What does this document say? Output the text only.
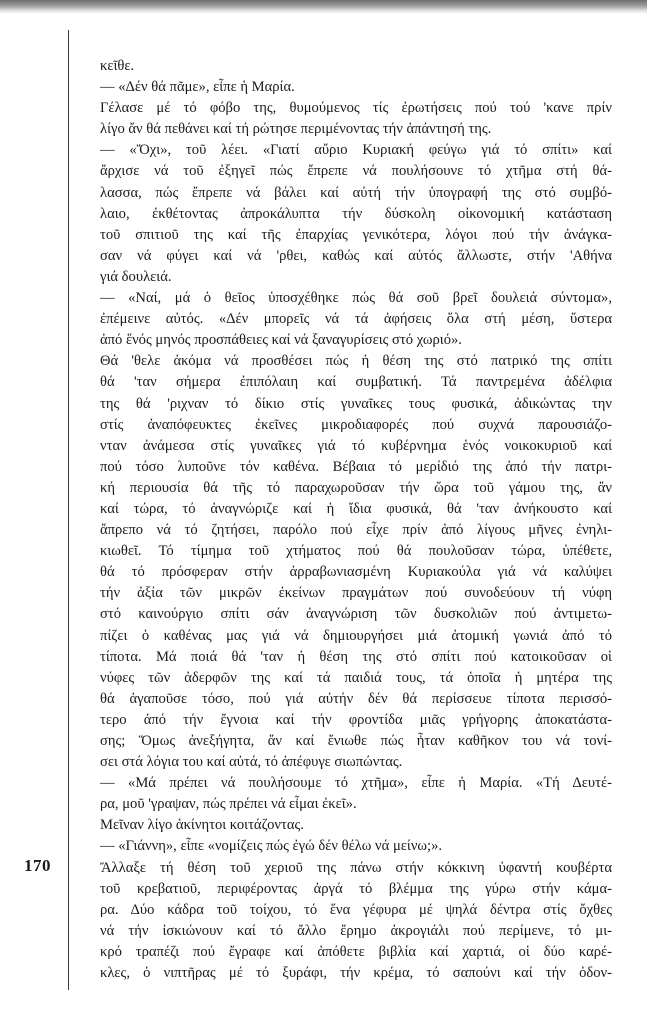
170
κεῖθε.
— «Δέν θά πᾶμε», εἶπε ἡ Μαρία.
Γέλασε μέ τό φόβο της, θυμούμενος τίς ἐρωτήσεις πού τού 'κανε πρίν
λίγο ἄν θά πεθάνει καί τή ρώτησε περιμένοντας τήν ἀπάντησή της.
— «Ὄχι», τοῦ λέει. «Γιατί αὔριο Κυριακή φεύγω γιά τό σπίτι» καί
ἄρχισε νά τοῦ ἐξηγεῖ πώς ἔπρεπε νά πουλήσουνε τό χτῆμα στή θά-
λασσα, πώς ἔπρεπε νά βάλει καί αὐτή τήν ὑπογραφή της στό συμβό-
λαιο, ἐκθέτοντας ἀπροκάλυπτα τήν δύσκολη οἰκονομική κατάσταση
τοῦ σπιτιοῦ της καί τῆς ἐπαρχίας γενικότερα, λόγοι πού τήν ἀνάγκα-
σαν νά φύγει καί νά 'ρθει, καθώς καί αὐτός ἄλλωστε, στήν 'Αθήνα
γιά δουλειά.
— «Ναί, μά ὁ θεῖος ὑποσχέθηκε πώς θά σοῦ βρεῖ δουλειά σύντομα»,
ἐπέμεινε αὐτός. «Δέν μπορεῖς νά τά ἀφήσεις ὅλα στή μέση, ὕστερα
ἀπό ἕνός μηνός προσπάθειες καί νά ξαναγυρίσεις στό χωριό».
Θά 'θελε ἀκόμα νά προσθέσει πώς ἡ θέση της στό πατρικό της σπίτι
θά 'ταν σήμερα ἐπιπόλαιη καί συμβατική. Τά παντρεμένα ἀδέλφια
της θά 'ριχναν τό δίκιο στίς γυναῖκες τους φυσικά, ἀδικώντας την
στίς ἀναπόφευκτες ἐκεῖνες μικροδιαφορές πού συχνά παρουσιάζο-
νταν ἀνάμεσα στίς γυναῖκες γιά τό κυβέρνημα ἑνός νοικοκυριοῦ καί
πού τόσο λυποῦνε τόν καθένα. Βέβαια τό μερίδιό της ἀπό τήν πατρι-
κή περιουσία θά τῆς τό παραχωροῦσαν τήν ὥρα τοῦ γάμου της, ἄν
καί τώρα, τό ἀναγνώριζε καί ἡ ἴδια φυσικά, θά 'ταν ἀνήκουστο καί
ἄπρεπο νά τό ζητήσει, παρόλο πού εἶχε πρίν ἀπό λίγους μῆνες ἐνηλι-
κιωθεῖ. Τό τίμημα τοῦ χτήματος πού θά πουλοῦσαν τώρα, ὑπέθετε,
θά τό πρόσφεραν στήν ἀρραβωνιασμένη Κυριακούλα γιά νά καλύψει
τήν ἀξία τῶν μικρῶν ἐκείνων πραγμάτων πού συνοδεύουν τή νύφη
στό καινούργιο σπίτι σάν ἀναγνώριση τῶν δυσκολιῶν πού ἀντιμετω-
πίζει ὁ καθένας μας γιά νά δημιουργήσει μιά ἀτομική γωνιά ἀπό τό
τίποτα. Μά ποιά θά 'ταν ἡ θέση της στό σπίτι πού κατοικοῦσαν οἱ
νύφες τῶν ἀδερφῶν της καί τά παιδιά τους, τά ὁποῖα ἡ μητέρα της
θά ἀγαποῦσε τόσο, πού γιά αὐτήν δέν θά περίσσευε τίποτα περισσό-
τερο ἀπό τήν ἔγνοια καί τήν φροντίδα μιᾶς γρήγορης ἀποκατάστα-
σης; Ὅμως ἀνεξήγητα, ἄν καί ἔνιωθε πώς ἦταν καθῆκον του νά τονί-
σει στά λόγια του καί αὐτά, τό ἀπέφυγε σιωπώντας.
— «Μά πρέπει νά πουλήσουμε τό χτῆμα», εἶπε ἡ Μαρία. «Τή Δευτέ-
ρα, μοῦ 'γραψαν, πώς πρέπει νά εἶμαι ἐκεῖ».
Μεῖναν λίγο ἀκίνητοι κοιτάζοντας.
— «Γιάννη», εἶπε «νομίζεις πώς ἐγώ δέν θέλω νά μείνω;».
Ἄλλαξε τή θέση τοῦ χεριοῦ της πάνω στήν κόκκινη ὑφαντή κουβέρτα
τοῦ κρεβατιοῦ, περιφέροντας ἀργά τό βλέμμα της γύρω στήν κάμα-
ρα. Δύο κάδρα τοῦ τοίχου, τό ἕνα γέφυρα μέ ψηλά δέντρα στίς ὄχθες
νά τήν ἰσκιώνουν καί τό ἄλλο ἔρημο ἀκρογιάλι πού περίμενε, τό μι-
κρό τραπέζι πού ἔγραφε καί ἀπόθετε βιβλία καί χαρτιά, οἱ δύο καρέ-
κλες, ὁ νιπτῆρας μέ τό ξυράφι, τήν κρέμα, τό σαπούνι καί τήν ὀδον-
